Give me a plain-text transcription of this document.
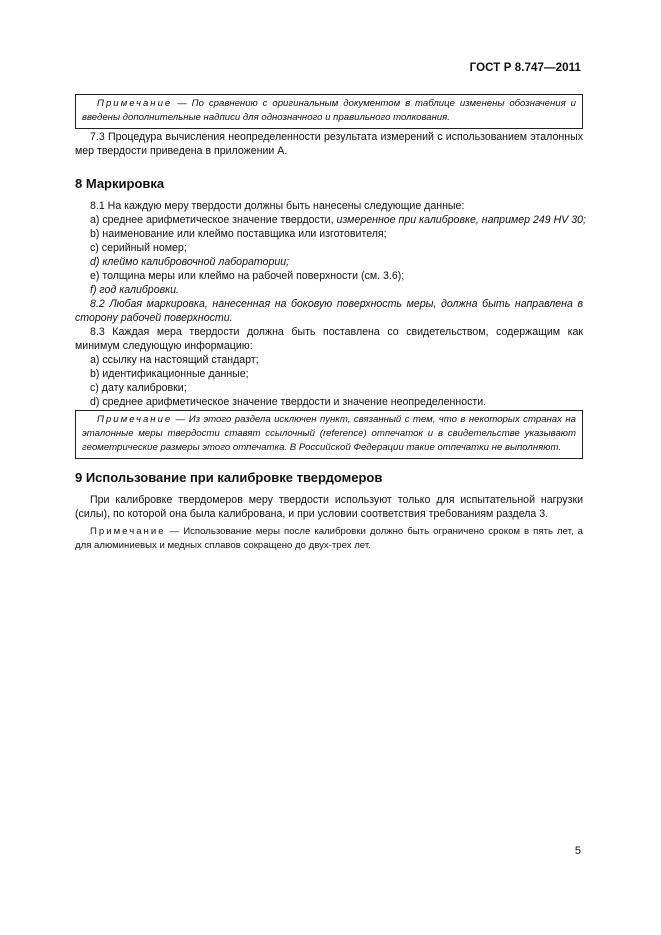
ГОСТ Р 8.747—2011
Примечание — По сравнению с оригинальным документом в таблице изменены обозначения и введены дополнительные надписи для однозначного и правильного толкования.
7.3 Процедура вычисления неопределенности результата измерений с использованием эталонных мер твердости приведена в приложении А.
8 Маркировка
8.1 На каждую меру твердости должны быть нанесены следующие данные:
а) среднее арифметическое значение твердости, измеренное при калибровке, например 249 HV 30;
b) наименование или клеймо поставщика или изготовителя;
с) серийный номер;
d) клеймо калибровочной лаборатории;
е) толщина меры или клеймо на рабочей поверхности (см. 3.6);
f) год калибровки.
8.2 Любая маркировка, нанесенная на боковую поверхность меры, должна быть направлена в сторону рабочей поверхности.
8.3 Каждая мера твердости должна быть поставлена со свидетельством, содержащим как минимум следующую информацию:
а) ссылку на настоящий стандарт;
b) идентификационные данные;
с) дату калибровки;
d) среднее арифметическое значение твердости и значение неопределенности.
Примечание — Из этого раздела исключен пункт, связанный с тем, что в некоторых странах на эталонные меры твердости ставят ссылочный (reference) отпечаток и в свидетельстве указывают геометрические размеры этого отпечатка. В Российской Федерации такие отпечатки не выполняют.
9 Использование при калибровке твердомеров
При калибровке твердомеров меру твердости используют только для испытательной нагрузки (силы), по которой она была калибрована, и при условии соответствия требованиям раздела 3.
Примечание — Использование меры после калибровки должно быть ограничено сроком в пять лет, а для алюминиевых и медных сплавов сокращено до двух-трех лет.
5
